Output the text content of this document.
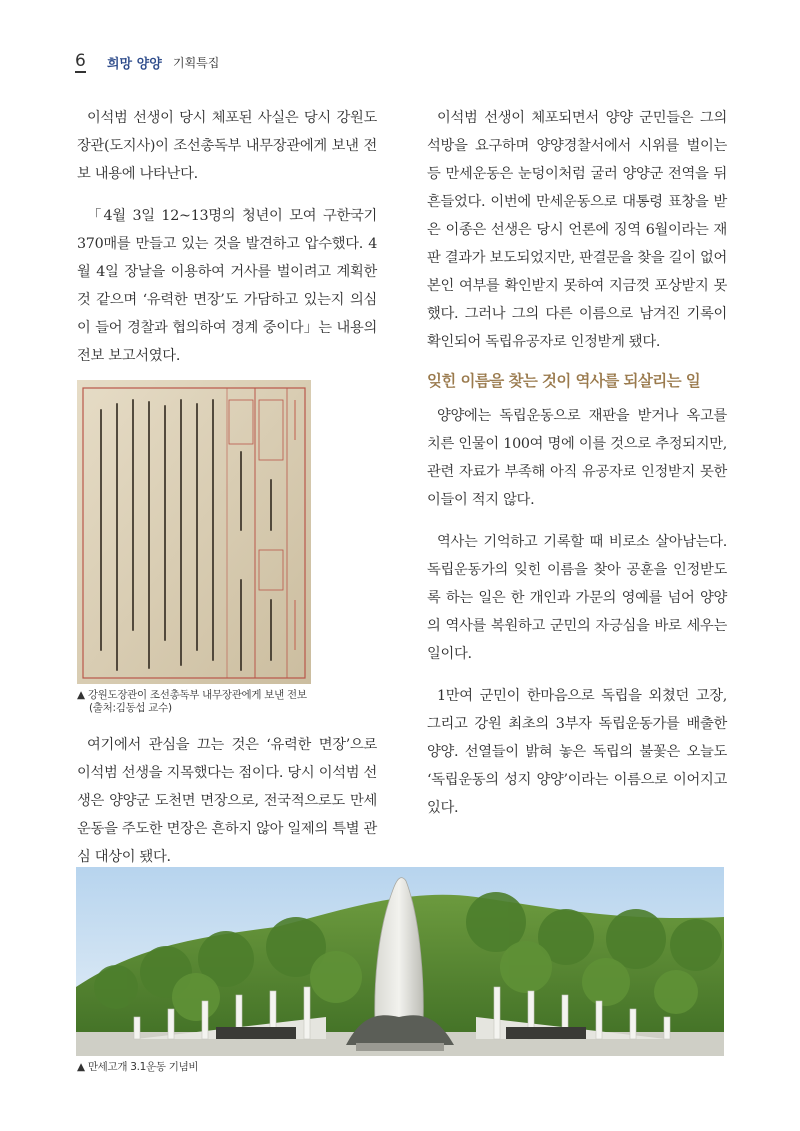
6 희망 양양 기획특집

이석범 선생이 당시 체포된 사실은 당시 강원도장관(도지사)이 조선총독부 내무장관에게 보낸 전보 내용에 나타난다.

「4월 3일 12~13명의 청년이 모여 구한국기 370매를 만들고 있는 것을 발견하고 압수했다. 4월 4일 장날을 이용하여 거사를 벌이려고 계획한 것 같으며 ‘유력한 면장’도 가담하고 있는지 의심이 들어 경찰과 협의하여 경계 중이다」는 내용의 전보 보고서였다.

▲ 강원도장관이 조선총독부 내무장관에게 보낸 전보
(출처:김동섭 교수)

여기에서 관심을 끄는 것은 ‘유력한 면장’으로 이석범 선생을 지목했다는 점이다. 당시 이석범 선생은 양양군 도천면 면장으로, 전국적으로도 만세운동을 주도한 면장은 흔하지 않아 일제의 특별 관심 대상이 됐다.

이석범 선생이 체포되면서 양양 군민들은 그의 석방을 요구하며 양양경찰서에서 시위를 벌이는 등 만세운동은 눈덩이처럼 굴러 양양군 전역을 뒤흔들었다. 이번에 만세운동으로 대통령 표창을 받은 이종은 선생은 당시 언론에 징역 6월이라는 재판 결과가 보도되었지만, 판결문을 찾을 길이 없어 본인 여부를 확인받지 못하여 지금껏 포상받지 못했다. 그러나 그의 다른 이름으로 남겨진 기록이 확인되어 독립유공자로 인정받게 됐다.

잊힌 이름을 찾는 것이 역사를 되살리는 일

양양에는 독립운동으로 재판을 받거나 옥고를 치른 인물이 100여 명에 이를 것으로 추정되지만, 관련 자료가 부족해 아직 유공자로 인정받지 못한 이들이 적지 않다.

역사는 기억하고 기록할 때 비로소 살아남는다. 독립운동가의 잊힌 이름을 찾아 공훈을 인정받도록 하는 일은 한 개인과 가문의 영예를 넘어 양양의 역사를 복원하고 군민의 자긍심을 바로 세우는 일이다.

1만여 군민이 한마음으로 독립을 외쳤던 고장, 그리고 강원 최초의 3부자 독립운동가를 배출한 양양. 선열들이 밝혀 놓은 독립의 불꽃은 오늘도 ‘독립운동의 성지 양양’이라는 이름으로 이어지고 있다.

▲ 만세고개 3.1운동 기념비
